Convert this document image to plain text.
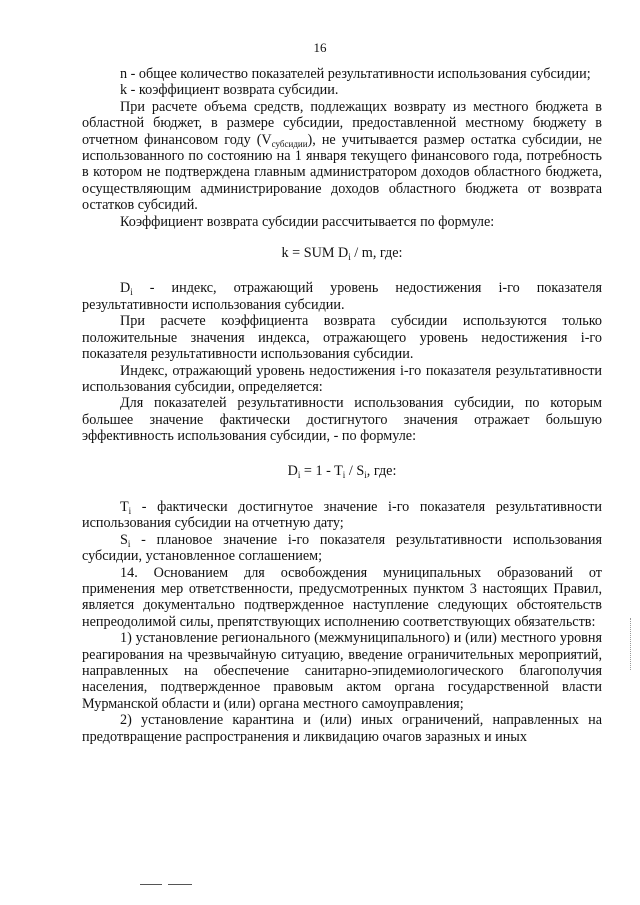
16

n - общее количество показателей результативности использования субсидии;

k - коэффициент возврата субсидии.

При расчете объема средств, подлежащих возврату из местного бюджета в областной бюджет, в размере субсидии, предоставленной местному бюджету в отчетном финансовом году $(V_{субсидии})$, не учитывается размер остатка субсидии, не использованного по состоянию на 1 января текущего финансового года, потребность в котором не подтверждена главным администратором доходов областного бюджета, осуществляющим администрирование доходов областного бюджета от возврата остатков субсидий.

Коэффициент возврата субсидии рассчитывается по формуле:

k = SUM $D_i$ / m, где:

$D_i$ - индекс, отражающий уровень недостижения i-го показателя результативности использования субсидии.

При расчете коэффициента возврата субсидии используются только положительные значения индекса, отражающего уровень недостижения i-го показателя результативности использования субсидии.

Индекс, отражающий уровень недостижения i-го показателя результативности использования субсидии, определяется:

Для показателей результативности использования субсидии, по которым большее значение фактически достигнутого значения отражает большую эффективность использования субсидии, - по формуле:

$D_i = 1 - T_i / S_i$, где:

$T_i$ - фактически достигнутое значение i-го показателя результативности использования субсидии на отчетную дату;

$S_i$ - плановое значение i-го показателя результативности использования субсидии, установленное соглашением;

14. Основанием для освобождения муниципальных образований от применения мер ответственности, предусмотренных пунктом 3 настоящих Правил, является документально подтвержденное наступление следующих обстоятельств непреодолимой силы, препятствующих исполнению соответствующих обязательств:

1) установление регионального (межмуниципального) и (или) местного уровня реагирования на чрезвычайную ситуацию, введение ограничительных мероприятий, направленных на обеспечение санитарно-эпидемиологического благополучия населения, подтвержденное правовым актом органа государственной власти Мурманской области и (или) органа местного самоуправления;

2) установление карантина и (или) иных ограничений, направленных на предотвращение распространения и ликвидацию очагов заразных и иных
